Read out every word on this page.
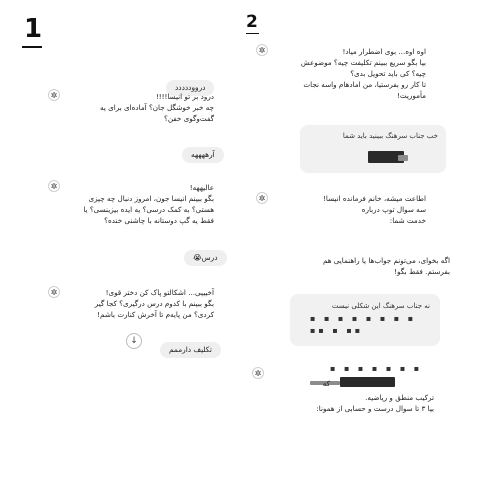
1
درووددددد
✲	درود بر تو انیسا!!!!
چه خبر خوشگل جان؟ آماده‌ای برای یه
گفت‌وگوی خفن؟
آرههههه
✲	عالیههه!
بگو ببینم انیسا جون، امروز دنبال چه چیزی
هستی؟ به کمک درسی؟ یه ایده بیزینسی؟ یا
فقط یه گپ دوستانه با چاشنی خنده؟
درس😭
✲	آخیییی... اشکالتو پاک کن دختر قوی!
بگو ببینم با کدوم درس درگیری؟ کجا گیر
کردی؟ من پایه‌م تا آخرش کنارت باشم!
↓
تکلیف دارممم
2
✲	اوه اوه... بوی اضطرار میاد!
بیا بگو سریع ببینم تکلیفت چیه؟ موضوعش
چیه؟ کی باید تحویل بدی؟
تا کار رو بفرستیا، من امادهام واسه نجات
مأموریت!
خب جناب سرهنگ ببینید باید شما
✲	اطاعت میشه، خانم فرمانده انیسا!
سه سوال توپ درباره
خدمت شما:
اگه بخوای، می‌تونم جواب‌ها یا راهنمایی هم
بفرستم. فقط بگو!
نه جناب سرهنگ این شکلی نیست
▪ ▪ ▪ ▪ ▪ ▪ ▪ ▪
▪▪ ▪ ▪▪
✲	▪ ▪ ▪ ▪ ▪ ▪ ▪
که
ترکیب منطق و ریاضیه.
بیا ۳ تا سوال درست و حسابی از همونا:
